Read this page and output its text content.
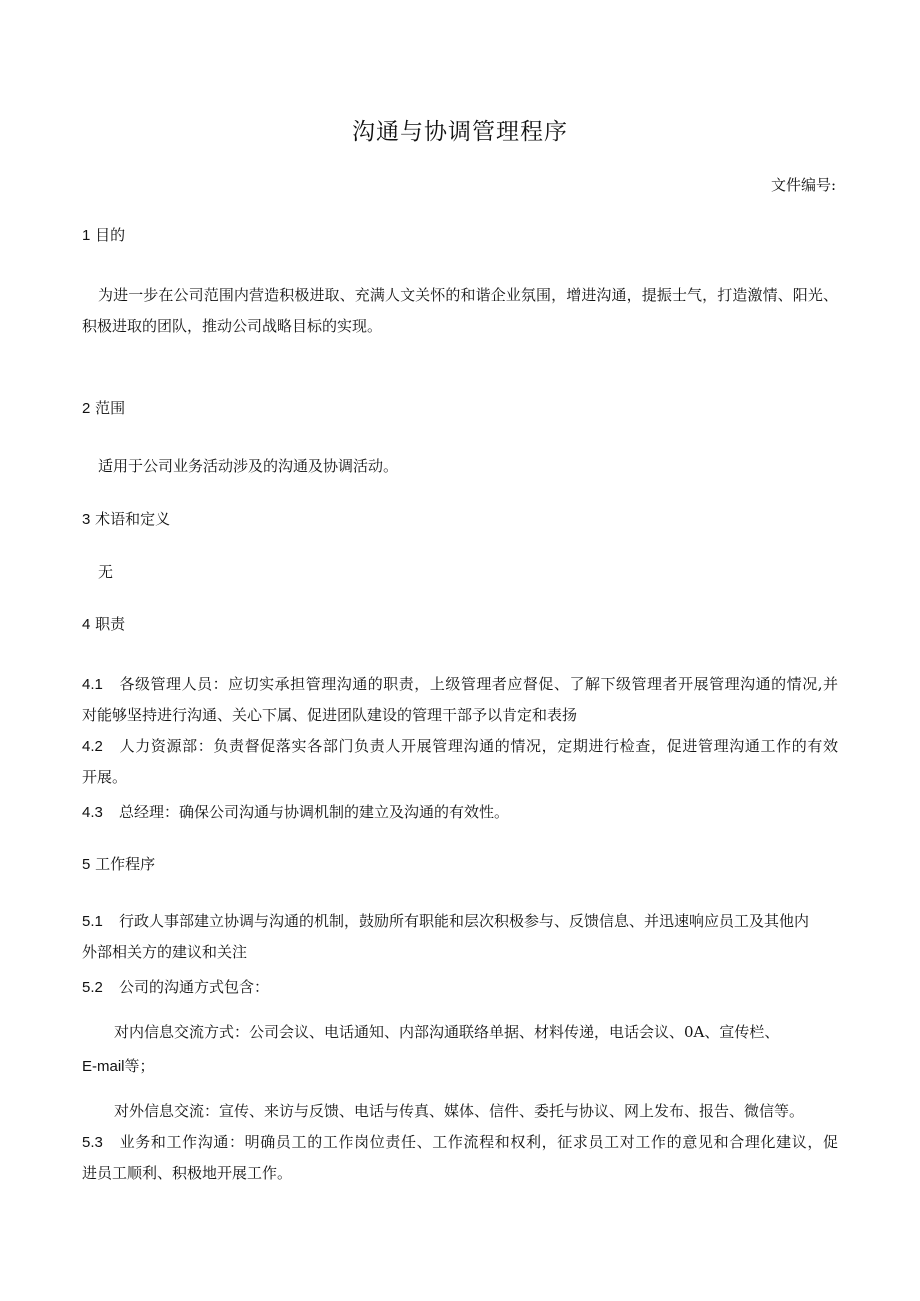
沟通与协调管理程序
文件编号:
1 目的
为进一步在公司范围内营造积极进取、充满人文关怀的和谐企业氛围，增进沟通，提振士气，打造激情、阳光、
积极进取的团队，推动公司战略目标的实现。
2 范围
适用于公司业务活动涉及的沟通及协调活动。
3 术语和定义
无
4 职责
4.1 各级管理人员：应切实承担管理沟通的职责，上级管理者应督促、了解下级管理者开展管理沟通的情况,并
对能够坚持进行沟通、关心下属、促进团队建设的管理干部予以肯定和表扬
4.2 人力资源部：负责督促落实各部门负责人开展管理沟通的情况，定期进行检查，促进管理沟通工作的有效
开展。
4.3 总经理：确保公司沟通与协调机制的建立及沟通的有效性。
5 工作程序
5.1 行政人事部建立协调与沟通的机制，鼓励所有职能和层次积极参与、反馈信息、并迅速响应员工及其他内
外部相关方的建议和关注
5.2 公司的沟通方式包含：
对内信息交流方式：公司会议、电话通知、内部沟通联络单据、材料传递，电话会议、0A、宣传栏、
E-mail等；
对外信息交流：宣传、来访与反馈、电话与传真、媒体、信件、委托与协议、网上发布、报告、微信等。
5.3 业务和工作沟通：明确员工的工作岗位责任、工作流程和权利，征求员工对工作的意见和合理化建议，促
进员工顺利、积极地开展工作。
